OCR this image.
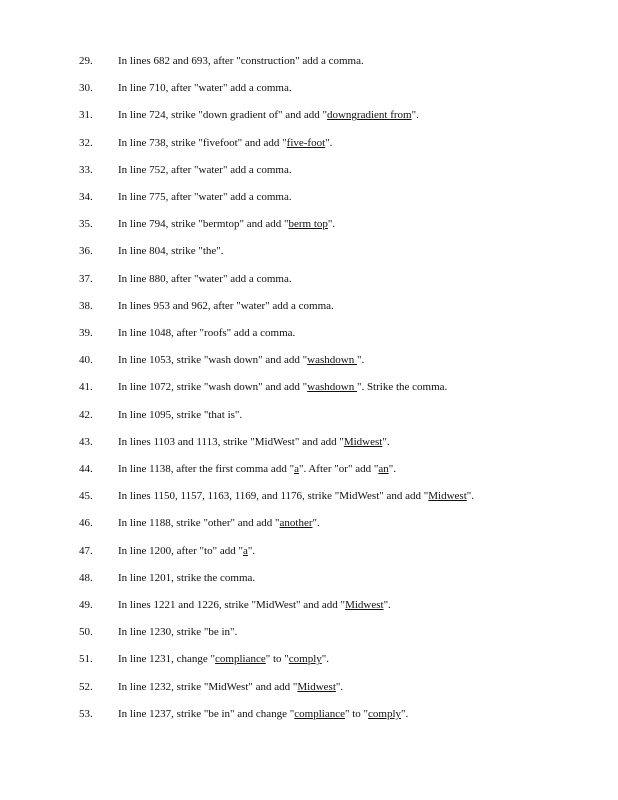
29. In lines 682 and 693, after "construction" add a comma.
30. In line 710, after "water" add a comma.
31. In line 724, strike "down gradient of" and add "downgradient from".
32. In line 738, strike "fivefoot" and add "five-foot".
33. In line 752, after "water" add a comma.
34. In line 775, after "water" add a comma.
35. In line 794, strike "bermtop" and add "berm top".
36. In line 804, strike "the".
37. In line 880, after "water" add a comma.
38. In lines 953 and 962, after "water" add a comma.
39. In line 1048, after "roofs" add a comma.
40. In line 1053, strike "wash down" and add "washdown ".
41. In line 1072, strike "wash down" and add "washdown ". Strike the comma.
42. In line 1095, strike "that is".
43. In lines 1103 and 1113, strike "MidWest" and add "Midwest".
44. In line 1138, after the first comma add "a". After "or" add "an".
45. In lines 1150, 1157, 1163, 1169, and 1176, strike "MidWest" and add "Midwest".
46. In line 1188, strike "other" and add "another".
47. In line 1200, after "to" add "a".
48. In line 1201, strike the comma.
49. In lines 1221 and 1226, strike "MidWest" and add "Midwest".
50. In line 1230, strike "be in".
51. In line 1231, change "compliance" to "comply".
52. In line 1232, strike "MidWest" and add "Midwest".
53. In line 1237, strike "be in" and change "compliance" to "comply".
